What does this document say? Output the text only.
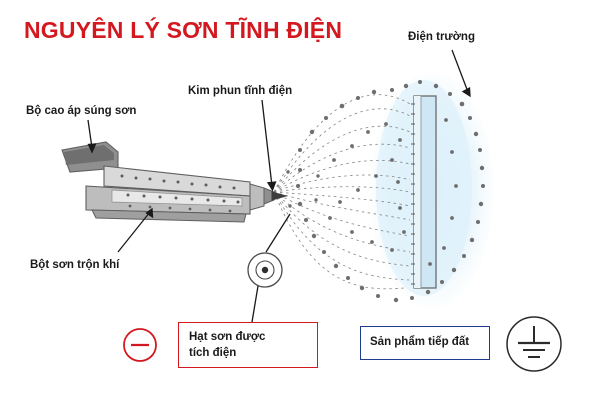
NGUYÊN LÝ SƠN TĨNH ĐIỆN
Bộ cao áp súng sơn
Kim phun tĩnh điện
Điện trường
Bột sơn trộn khí
Hạt sơn được
tích điện
Sản phẩm tiếp đất
